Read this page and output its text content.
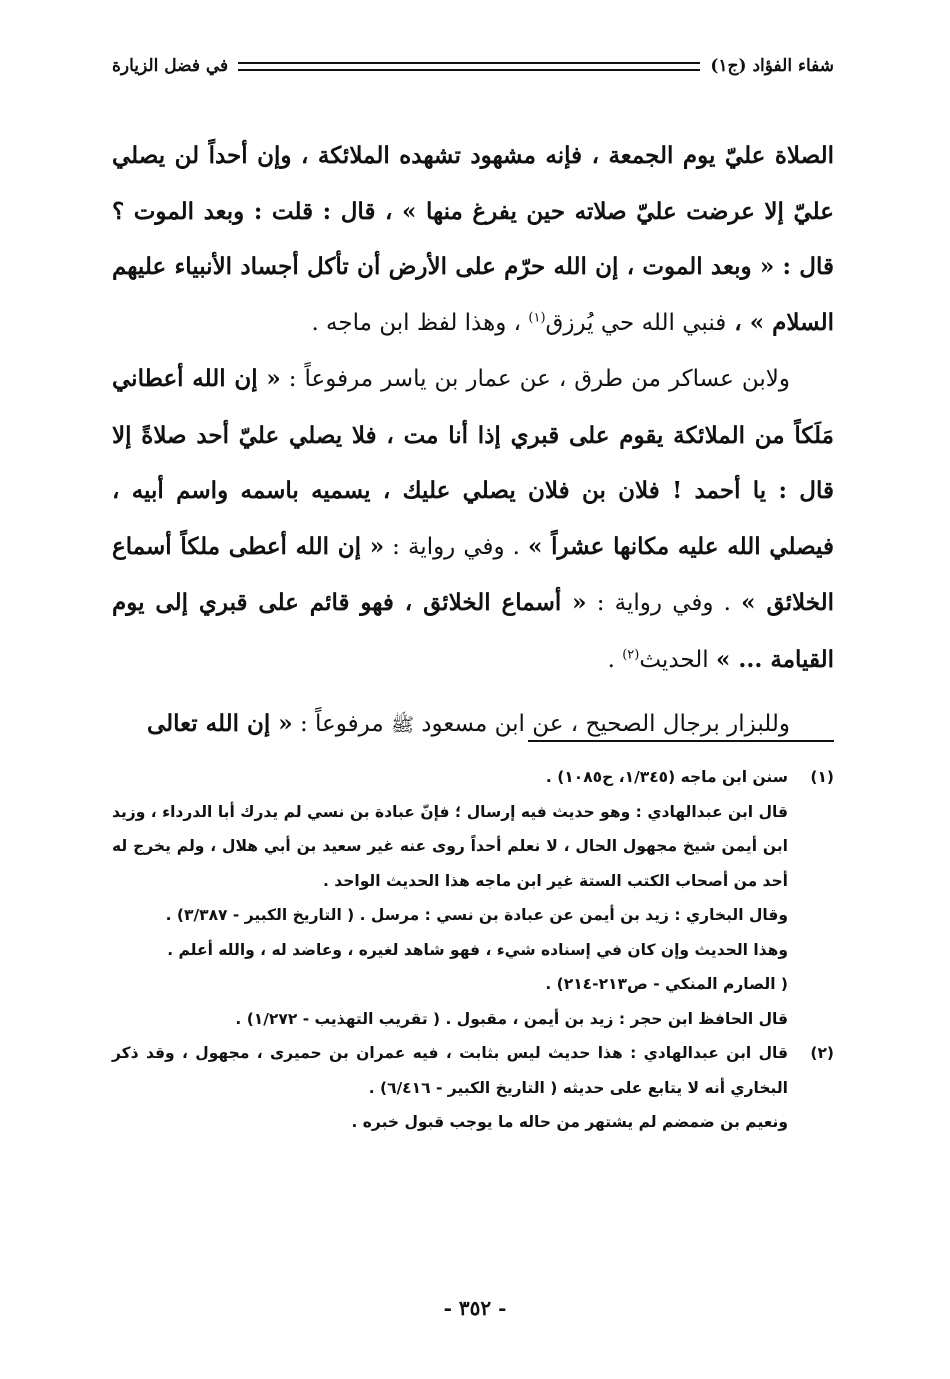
شفاء الفؤاد (ج١)
في فضل الزيارة

الصلاة عليّ يوم الجمعة ، فإنه مشهود تشهده الملائكة ، وإن أحداً لن يصلي عليّ إلا عرضت عليّ صلاته حين يفرغ منها » ، قال : قلت : وبعد الموت ؟ قال : « وبعد الموت ، إن الله حرّم على الأرض أن تأكل أجساد الأنبياء عليهم السلام » ، فنبي الله حي يُرزق$^{(١)}$ ، وهذا لفظ ابن ماجه .

ولابن عساكر من طرق ، عن عمار بن ياسر مرفوعاً : « إن الله أعطاني مَلَكاً من الملائكة يقوم على قبري إذا أنا مت ، فلا يصلي عليّ أحد صلاةً إلا قال : يا أحمد ! فلان بن فلان يصلي عليك ، يسميه باسمه واسم أبيه ، فيصلي الله عليه مكانها عشراً » . وفي رواية : « إن الله أعطى ملكاً أسماع الخلائق » . وفي رواية : « أسماع الخلائق ، فهو قائم على قبري إلى يوم القيامة ... » الحديث$^{(٢)}$ .

وللبزار برجال الصحيح ، عن ابن مسعود ﷺ مرفوعاً : « إن الله تعالى

(١)

سنن ابن ماجه (١/٣٤٥، ح١٠٨٥) .

قال ابن عبدالهادي : وهو حديث فيه إرسال ؛ فإنّ عبادة بن نسي لم يدرك أبا الدرداء ، وزيد ابن أيمن شيخ مجهول الحال ، لا نعلم أحداً روى عنه غير سعيد بن أبي هلال ، ولم يخرج له أحد من أصحاب الكتب الستة غير ابن ماجه هذا الحديث الواحد .

وقال البخاري : زيد بن أيمن عن عبادة بن نسي : مرسل . ( التاريخ الكبير - ٣/٣٨٧) .

وهذا الحديث وإن كان في إسناده شيء ، فهو شاهد لغيره ، وعاضد له ، والله أعلم .

( الصارم المنكي - ص٢١٣-٢١٤) .

قال الحافظ ابن حجر : زيد بن أيمن ، مقبول . ( تقريب التهذيب - ١/٢٧٢) .

(٢)

قال ابن عبدالهادي : هذا حديث ليس بثابت ، فيه عمران بن حميرى ، مجهول ، وقد ذكر البخاري أنه لا يتابع على حديثه ( التاريخ الكبير - ٦/٤١٦) .

ونعيم بن ضمضم لم يشتهر من حاله ما يوجب قبول خبره .

- ٣٥٢ -
